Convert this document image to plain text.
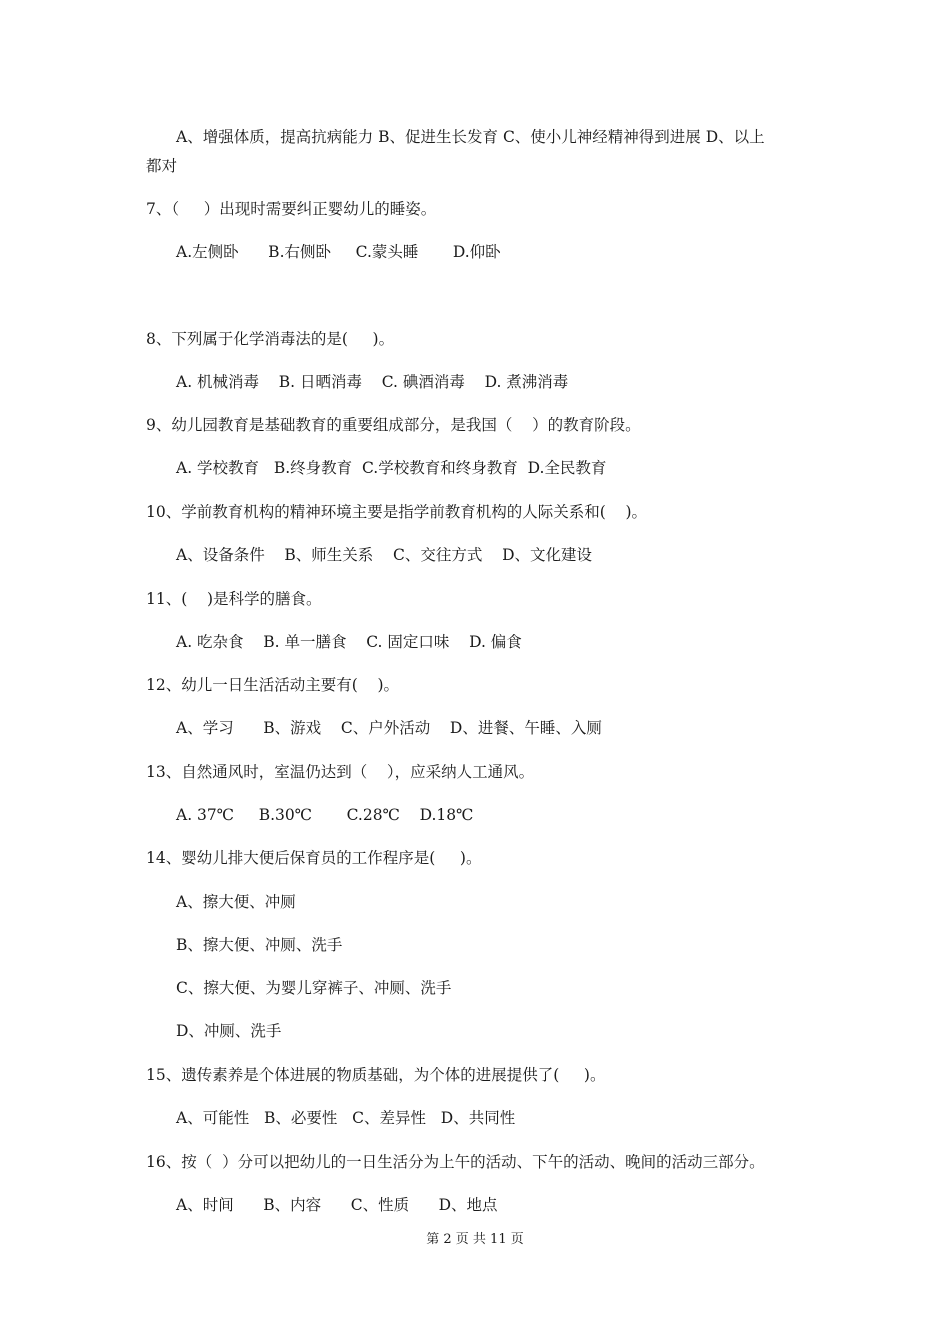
A、增强体质，提高抗病能力 B、促进生长发育 C、使小儿神经精神得到进展 D、以上
都对
7、（     ）出现时需要纠正婴幼儿的睡姿。
A.左侧卧      B.右侧卧     C.蒙头睡       D.仰卧
8、下列属于化学消毒法的是(     )。
A. 机械消毒    B. 日晒消毒    C. 碘酒消毒    D. 煮沸消毒
9、幼儿园教育是基础教育的重要组成部分，是我国（    ）的教育阶段。
A. 学校教育   B.终身教育  C.学校教育和终身教育  D.全民教育
10、学前教育机构的精神环境主要是指学前教育机构的人际关系和(    )。
A、设备条件    B、师生关系    C、交往方式    D、文化建设
11、(    )是科学的膳食。
A. 吃杂食    B. 单一膳食    C. 固定口味    D. 偏食
12、幼儿一日生活活动主要有(    )。
A、学习      B、游戏    C、户外活动    D、进餐、午睡、入厕
13、自然通风时，室温仍达到（    ），应采纳人工通风。
A. 37℃     B.30℃       C.28℃    D.18℃
14、婴幼儿排大便后保育员的工作程序是(     )。
A、擦大便、冲厕
B、擦大便、冲厕、洗手
C、擦大便、为婴儿穿裤子、冲厕、洗手
D、冲厕、洗手
15、遗传素养是个体进展的物质基础，为个体的进展提供了(     )。
A、可能性   B、必要性   C、差异性   D、共同性
16、按（  ）分可以把幼儿的一日生活分为上午的活动、下午的活动、晚间的活动三部分。
A、时间      B、内容      C、性质      D、地点
第 2 页 共 11 页
